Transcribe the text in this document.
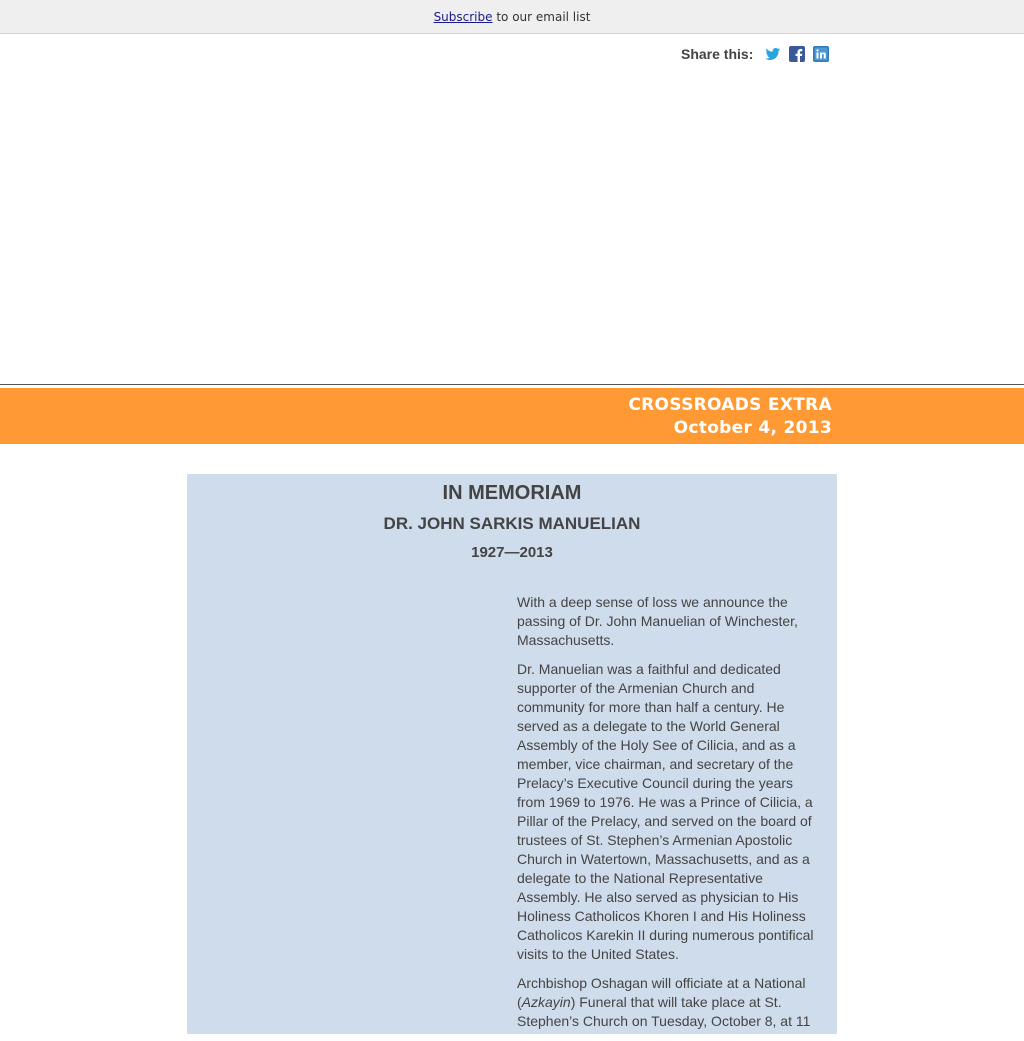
Subscribe to our email list
Share this:
CROSSROADS EXTRA
October 4, 2013
IN MEMORIAM
DR. JOHN SARKIS MANUELIAN
1927—2013

With a deep sense of loss we announce the passing of Dr. John Manuelian of Winchester, Massachusetts.

Dr. Manuelian was a faithful and dedicated supporter of the Armenian Church and community for more than half a century. He served as a delegate to the World General Assembly of the Holy See of Cilicia, and as a member, vice chairman, and secretary of the Prelacy’s Executive Council during the years from 1969 to 1976. He was a Prince of Cilicia, a Pillar of the Prelacy, and served on the board of trustees of St. Stephen’s Armenian Apostolic Church in Watertown, Massachusetts, and as a delegate to the National Representative Assembly. He also served as physician to His Holiness Catholicos Khoren I and His Holiness Catholicos Karekin II during numerous pontifical visits to the United States.

Archbishop Oshagan will officiate at a National (Azkayin) Funeral that will take place at St. Stephen’s Church on Tuesday, October 8, at 11
